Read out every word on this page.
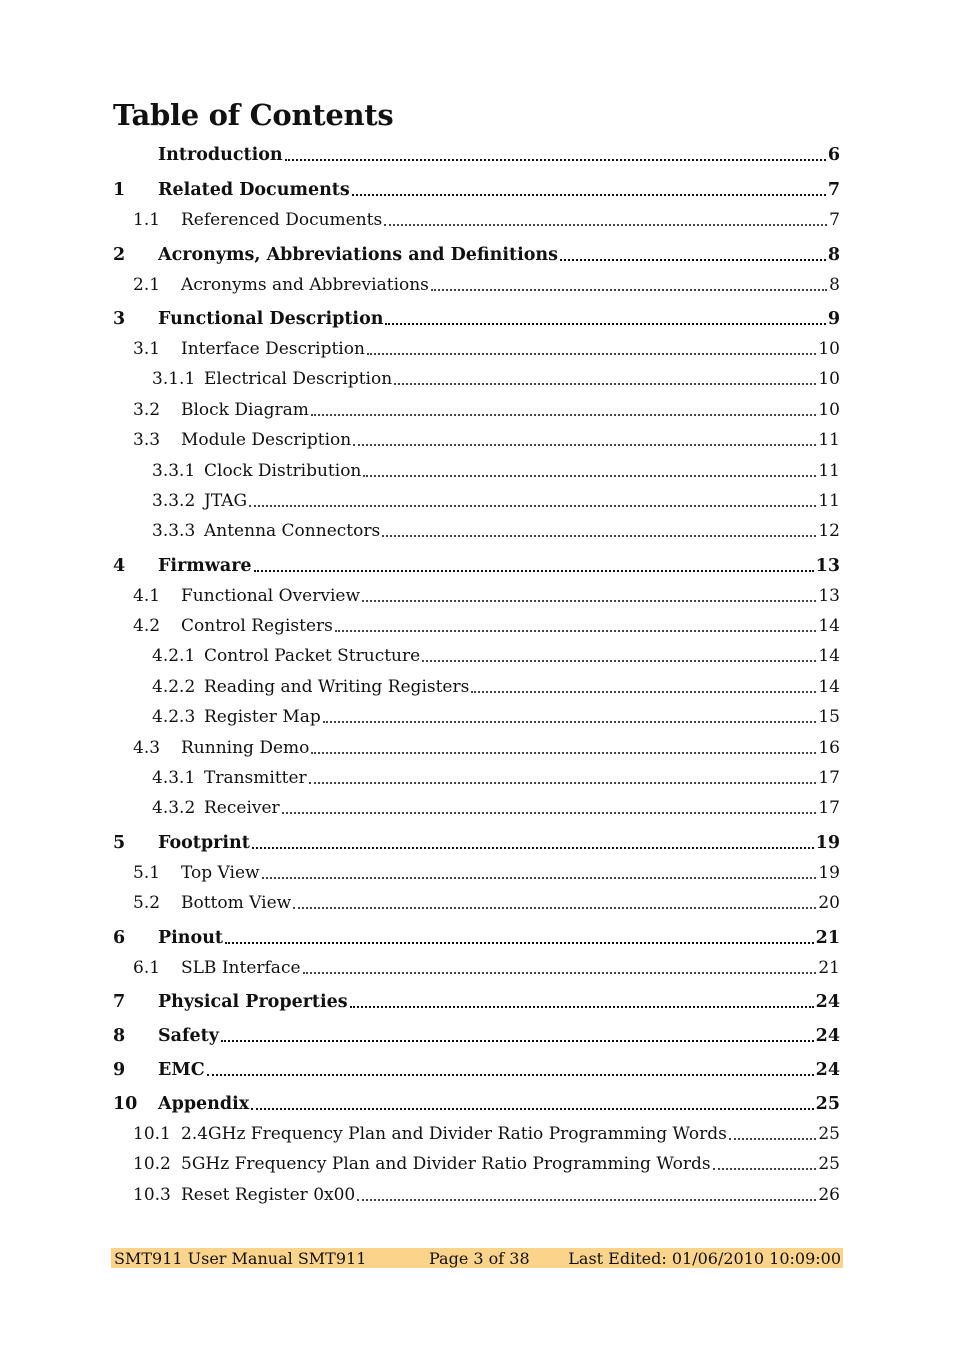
Table of Contents
Introduction	6
1	Related Documents	7
1.1	Referenced Documents	7
2	Acronyms, Abbreviations and Definitions	8
2.1	Acronyms and Abbreviations	8
3	Functional Description	9
3.1	Interface Description	10
3.1.1 Electrical Description	10
3.2	Block Diagram	10
3.3	Module Description	11
3.3.1 Clock Distribution	11
3.3.2 JTAG	11
3.3.3 Antenna Connectors	12
4	Firmware	13
4.1	Functional Overview	13
4.2	Control Registers	14
4.2.1 Control Packet Structure	14
4.2.2 Reading and Writing Registers	14
4.2.3 Register Map	15
4.3	Running Demo	16
4.3.1 Transmitter	17
4.3.2 Receiver	17
5	Footprint	19
5.1	Top View	19
5.2	Bottom View	20
6	Pinout	21
6.1	SLB Interface	21
7	Physical Properties	24
8	Safety	24
9	EMC	24
10	Appendix	25
10.1 2.4GHz Frequency Plan and Divider Ratio Programming Words	25
10.2 5GHz Frequency Plan and Divider Ratio Programming Words	25
10.3 Reset Register 0x00	26
SMT911 User Manual SMT911	Page 3 of 38 Last Edited: 01/06/2010 10:09:00
